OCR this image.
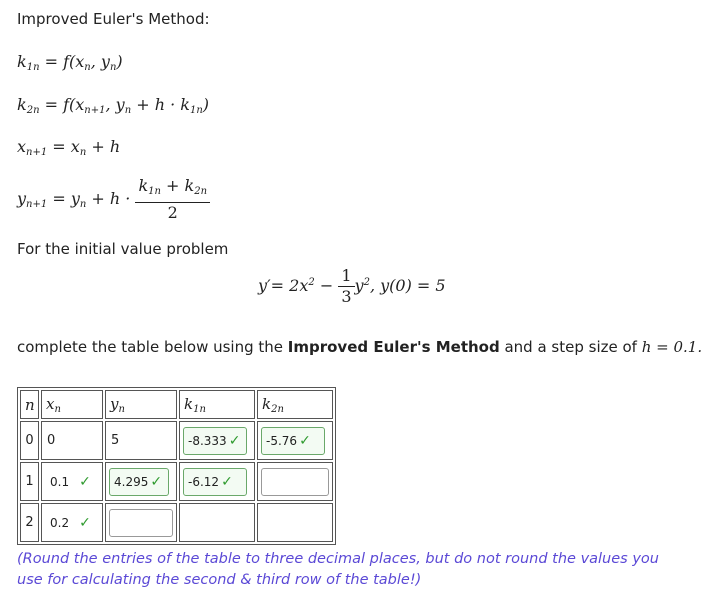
Improved Euler's Method:
$k_{1n} = f(x_n$, $y_n$)
$k_{2n} = f(x_{n+1}$, $y_n + h \cdot k_{1n}$)
$x_{n+1} = x_n + h$
$y_{n+1} = y_n + h \cdot \frac{k_{1n} + k_{2n}}{2}$
For the initial value problem
$y'= 2x^2 - \frac{1}{3} y^2$, y(0) = 5
complete the table below using the Improved Euler's Method and a step size of h = 0.1.
n	$x_n$	$y_n$	$k_{1n}$	$k_{2n}$
0	0	5	-8.333 ✓	-5.76 ✓

1	0.1 ✓	4.295 ✓	-6.12 ✓	

2	0.2 ✓			

(Round the entries of the table to three decimal places, but do not round the values you use for calculating the second & third row of the table!)
